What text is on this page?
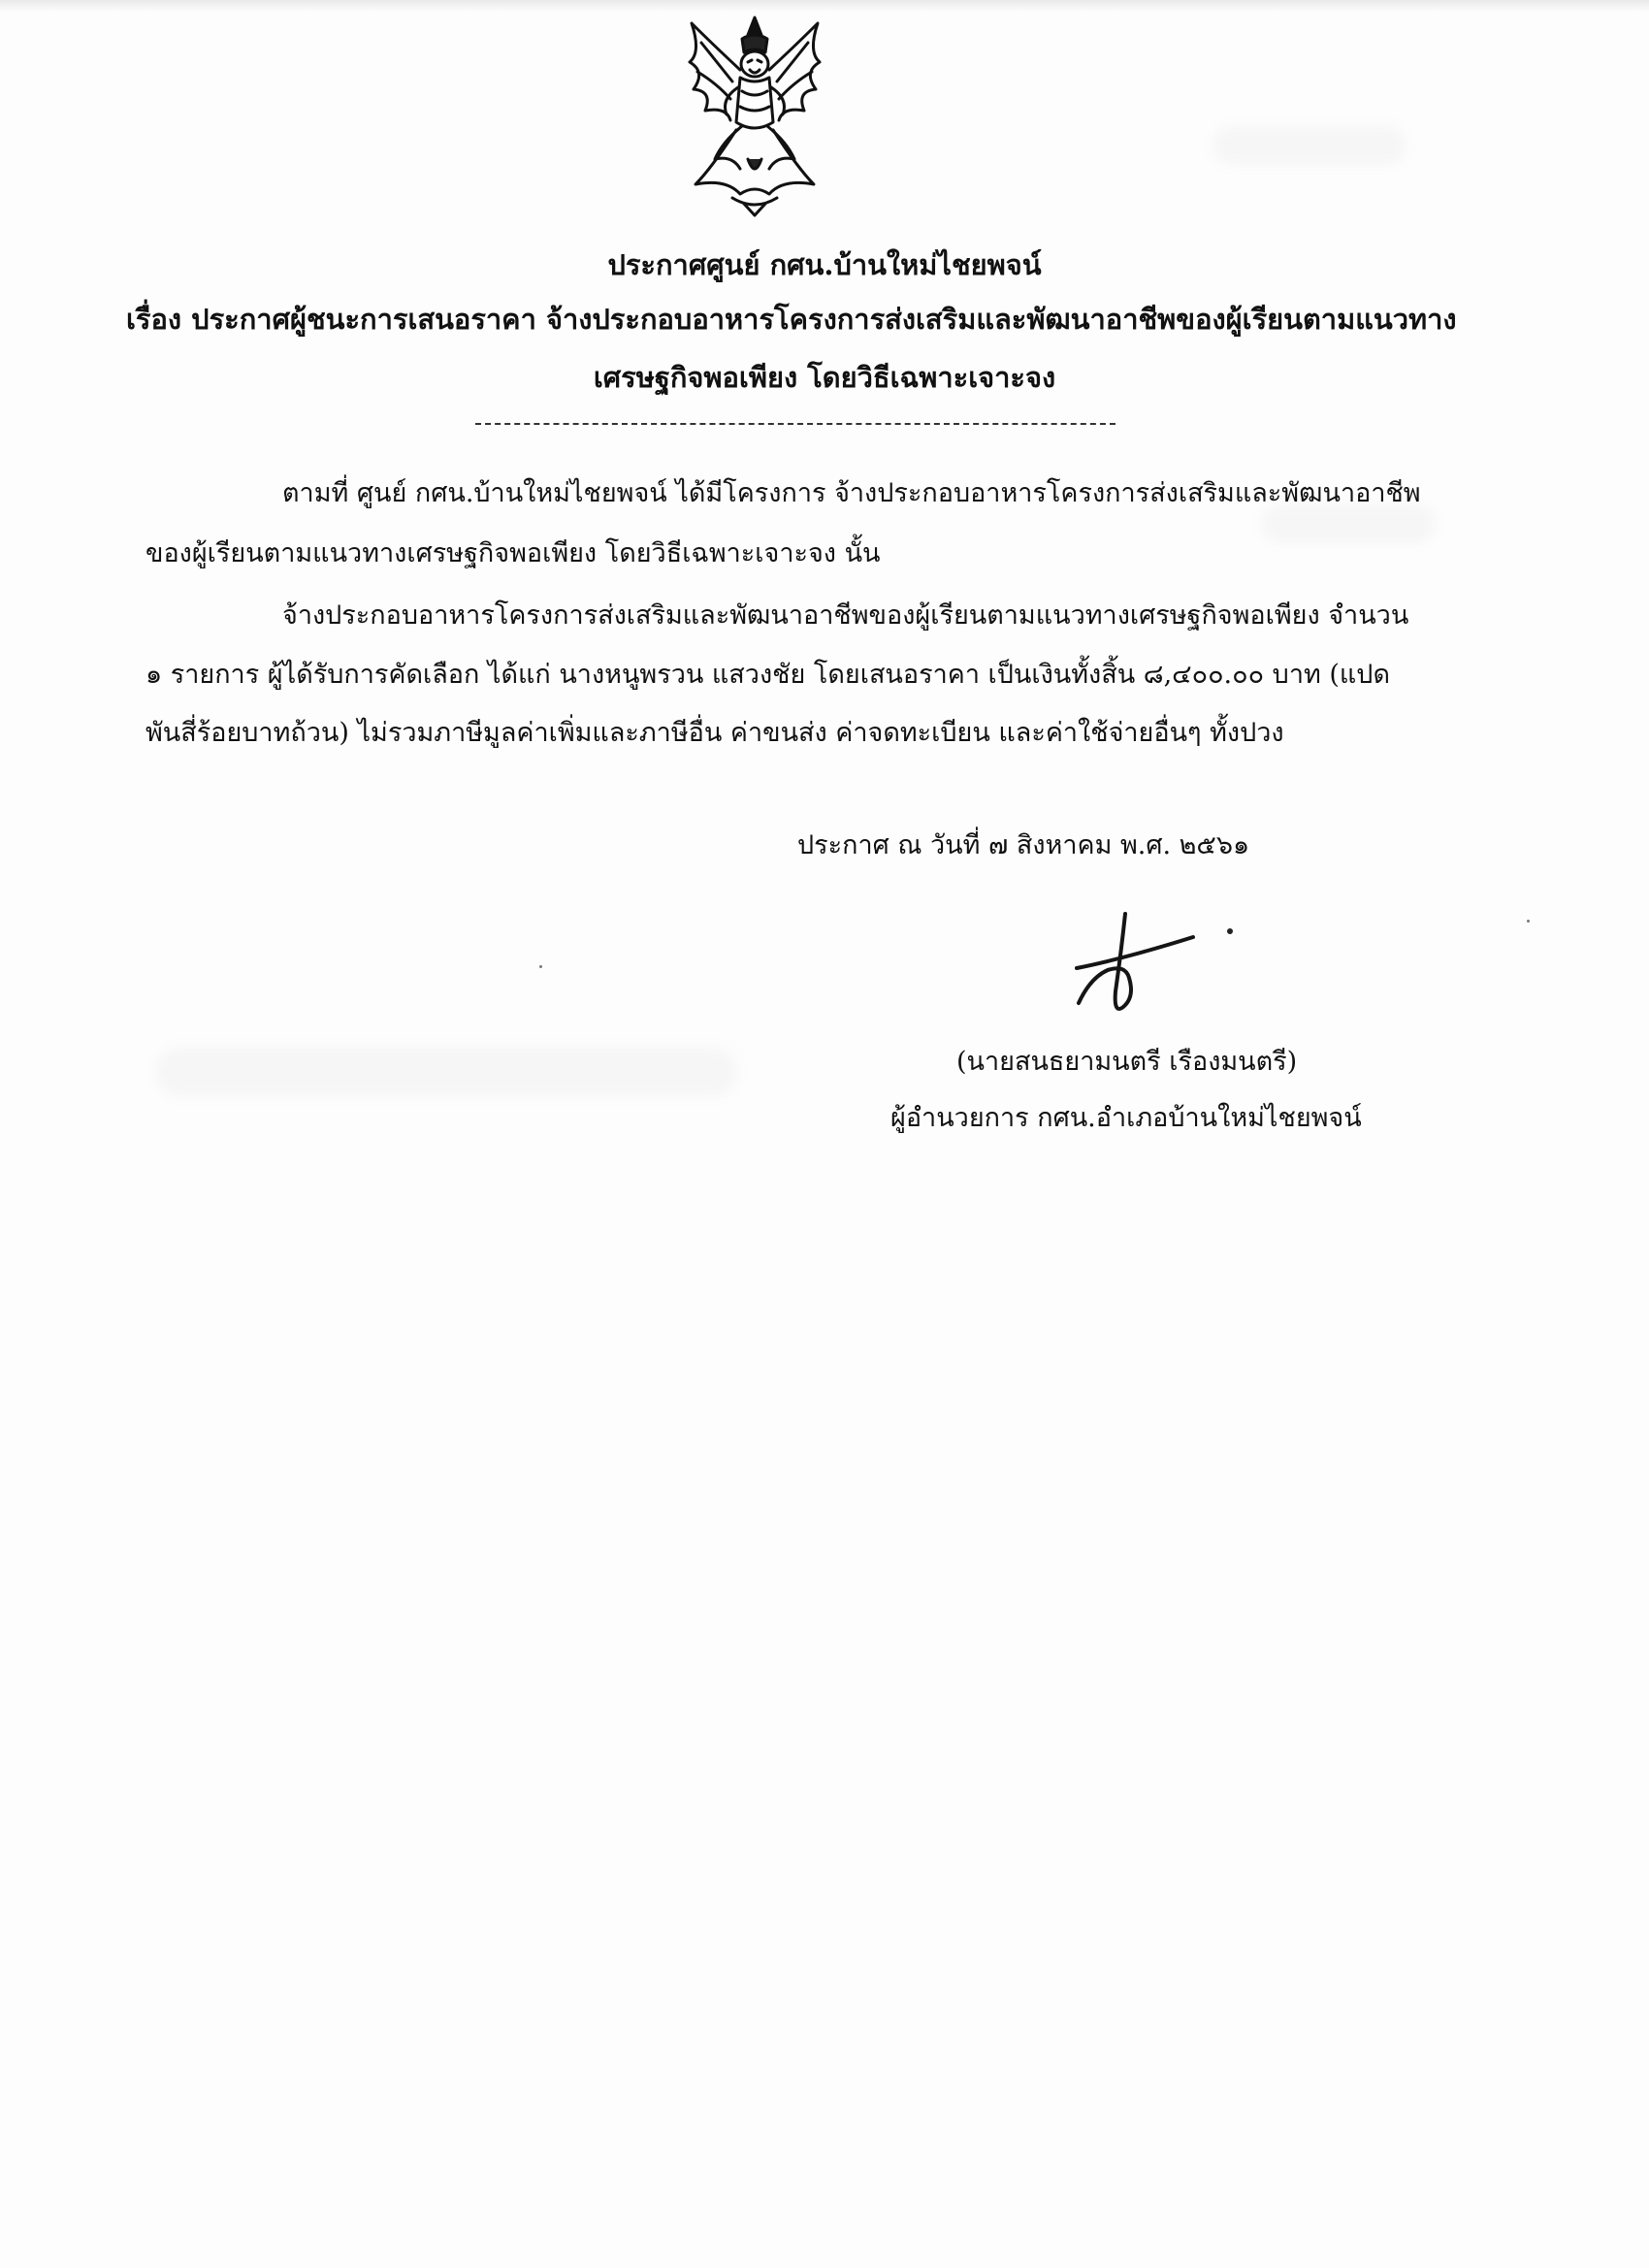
ประกาศศูนย์ กศน.บ้านใหม่ไชยพจน์
เรื่อง ประกาศผู้ชนะการเสนอราคา จ้างประกอบอาหารโครงการส่งเสริมและพัฒนาอาชีพของผู้เรียนตามแนวทาง
เศรษฐกิจพอเพียง โดยวิธีเฉพาะเจาะจง
ตามที่ ศูนย์ กศน.บ้านใหม่ไชยพจน์ ได้มีโครงการ จ้างประกอบอาหารโครงการส่งเสริมและพัฒนาอาชีพ
ของผู้เรียนตามแนวทางเศรษฐกิจพอเพียง โดยวิธีเฉพาะเจาะจง นั้น
จ้างประกอบอาหารโครงการส่งเสริมและพัฒนาอาชีพของผู้เรียนตามแนวทางเศรษฐกิจพอเพียง จำนวน
๑ รายการ ผู้ได้รับการคัดเลือก ได้แก่ นางหนูพรวน แสวงชัย โดยเสนอราคา เป็นเงินทั้งสิ้น ๘,๔๐๐.๐๐ บาท (แปด
พันสี่ร้อยบาทถ้วน) ไม่รวมภาษีมูลค่าเพิ่มและภาษีอื่น ค่าขนส่ง ค่าจดทะเบียน และค่าใช้จ่ายอื่นๆ ทั้งปวง
ประกาศ ณ วันที่ ๗ สิงหาคม พ.ศ. ๒๕๖๑
(นายสนธยามนตรี เรืองมนตรี)
ผู้อำนวยการ กศน.อำเภอบ้านใหม่ไชยพจน์
